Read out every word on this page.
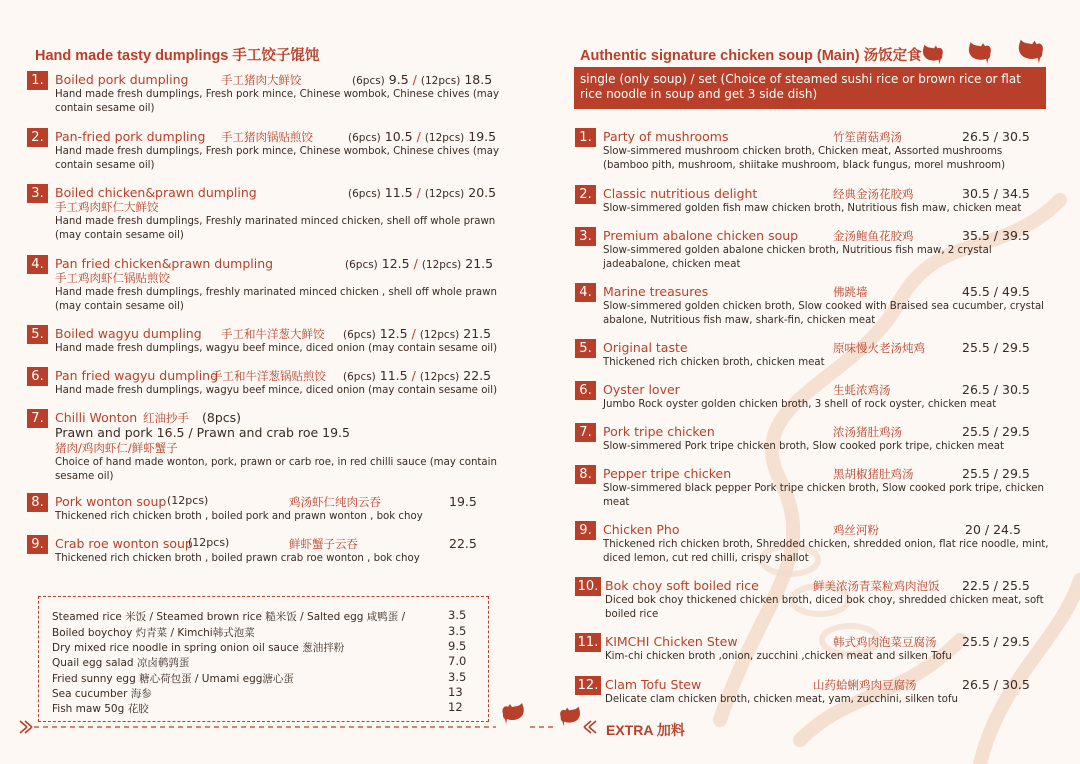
Hand made tasty dumplings 手工饺子馄饨
1. Boiled pork dumpling	手工猪肉大鲜饺	(6pcs) 9.5 / (12pcs) 18.5
Hand made fresh dumplings, Fresh pork mince, Chinese wombok, Chinese chives (may contain sesame oil)
2. Pan-fried pork dumpling 手工猪肉锅贴煎饺	(6pcs) 10.5 / (12pcs) 19.5
Hand made fresh dumplings, Fresh pork mince, Chinese wombok, Chinese chives (may contain sesame oil)
3. Boiled chicken&prawn dumpling	(6pcs) 11.5 / (12pcs) 20.5
手工鸡肉虾仁大鲜饺
Hand made fresh dumplings, Freshly marinated minced chicken, shell off whole prawn (may contain sesame oil)
4. Pan fried chicken&prawn dumpling	(6pcs) 12.5 / (12pcs) 21.5
手工鸡肉虾仁锅贴煎饺
Hand made fresh dumplings, freshly marinated minced chicken , shell off whole prawn (may contain sesame oil)
5. Boiled wagyu dumpling 手工和牛洋葱大鲜饺 (6pcs) 12.5 / (12pcs) 21.5
Hand made fresh dumplings, wagyu beef mince, diced onion (may contain sesame oil)
6. Pan fried wagyu dumpling
手工和牛洋葱锅贴煎饺 (6pcs) 11.5 / (12pcs) 22.5
Hand made fresh dumplings, wagyu beef mince, diced onion (may contain sesame oil)
7. Chilli Wonton 红油抄手 (8pcs)
Prawn and pork 16.5 / Prawn and crab roe 19.5
猪肉/鸡肉虾仁/鲜虾蟹子
Choice of hand made wonton, pork, prawn or carb roe, in red chilli sauce (may contain sesame oil)
8. Pork wonton soup (12pcs)	鸡汤虾仁纯肉云吞	19.5
Thickened rich chicken broth , boiled pork and prawn wonton , bok choy
9. Crab roe wonton soup
(12pcs)	鲜虾蟹子云吞	22.5
Thickened rich chicken broth , boiled prawn crab roe wonton , bok choy
Steamed rice 米饭 / Steamed brown rice 糙米饭 / Salted egg 咸鸭蛋 /	3.5
Boiled boychoy 灼青菜 / Kimchi韩式泡菜	3.5
Dry mixed rice noodle in spring onion oil sauce 葱油拌粉	9.5
Quail egg salad 凉卤鹌鹑蛋	7.0
Fried sunny egg 糖心荷包蛋 / Umami egg溏心蛋	3.5
Sea cucumber 海参	13
Fish maw 50g 花胶	12
EXTRA 加料
Authentic signature chicken soup (Main) 汤饭定食
single (only soup) / set (Choice of steamed sushi rice or brown rice or flat rice noodle in soup and get 3 side dish)
1. Party of mushrooms	竹笙菌菇鸡汤	26.5 / 30.5
Slow-simmered mushroom chicken broth, Chicken meat, Assorted mushrooms (bamboo pith, mushroom, shiitake mushroom, black fungus, morel mushroom)
2. Classic nutritious delight	经典金汤花胶鸡	30.5 / 34.5
Slow-simmered golden fish maw chicken broth, Nutritious fish maw, chicken meat
3. Premium abalone chicken soup	金汤鲍鱼花胶鸡	35.5 / 39.5
Slow-simmered golden abalone chicken broth, Nutritious fish maw, 2 crystal jadeabalone, chicken meat
4. Marine treasures	佛跳墙	45.5 / 49.5
Slow-simmered golden chicken broth, Slow cooked with Braised sea cucumber, crystal abalone, Nutritious fish maw, shark-fin, chicken meat
5. Original taste	原味慢火老汤炖鸡	25.5 / 29.5
Thickened rich chicken broth, chicken meat
6. Oyster lover	生蚝浓鸡汤	26.5 / 30.5
Jumbo Rock oyster golden chicken broth, 3 shell of rock oyster, chicken meat
7. Pork tripe chicken	浓汤猪肚鸡汤	25.5 / 29.5
Slow-simmered Pork tripe chicken broth, Slow cooked pork tripe, chicken meat
8. Pepper tripe chicken	黑胡椒猪肚鸡汤	25.5 / 29.5
Slow-simmered black pepper Pork tripe chicken broth, Slow cooked pork tripe, chicken meat
9. Chicken Pho	鸡丝河粉	20 / 24.5
Thickened rich chicken broth, Shredded chicken, shredded onion, flat rice noodle, mint, diced lemon, cut red chilli, crispy shallot
10. Bok choy soft boiled rice	鲜美浓汤青菜粒鸡肉泡饭 22.5 / 25.5
Diced bok choy thickened chicken broth, diced bok choy, shredded chicken meat, soft boiled rice
11. KIMCHI Chicken Stew	韩式鸡肉泡菜豆腐汤 25.5 / 29.5
Kim-chi chicken broth ,onion, zucchini ,chicken meat and silken Tofu
12. Clam Tofu Stew	山药蛤蜊鸡肉豆腐汤	26.5 / 30.5
Delicate clam chicken broth, chicken meat, yam, zucchini, silken tofu
